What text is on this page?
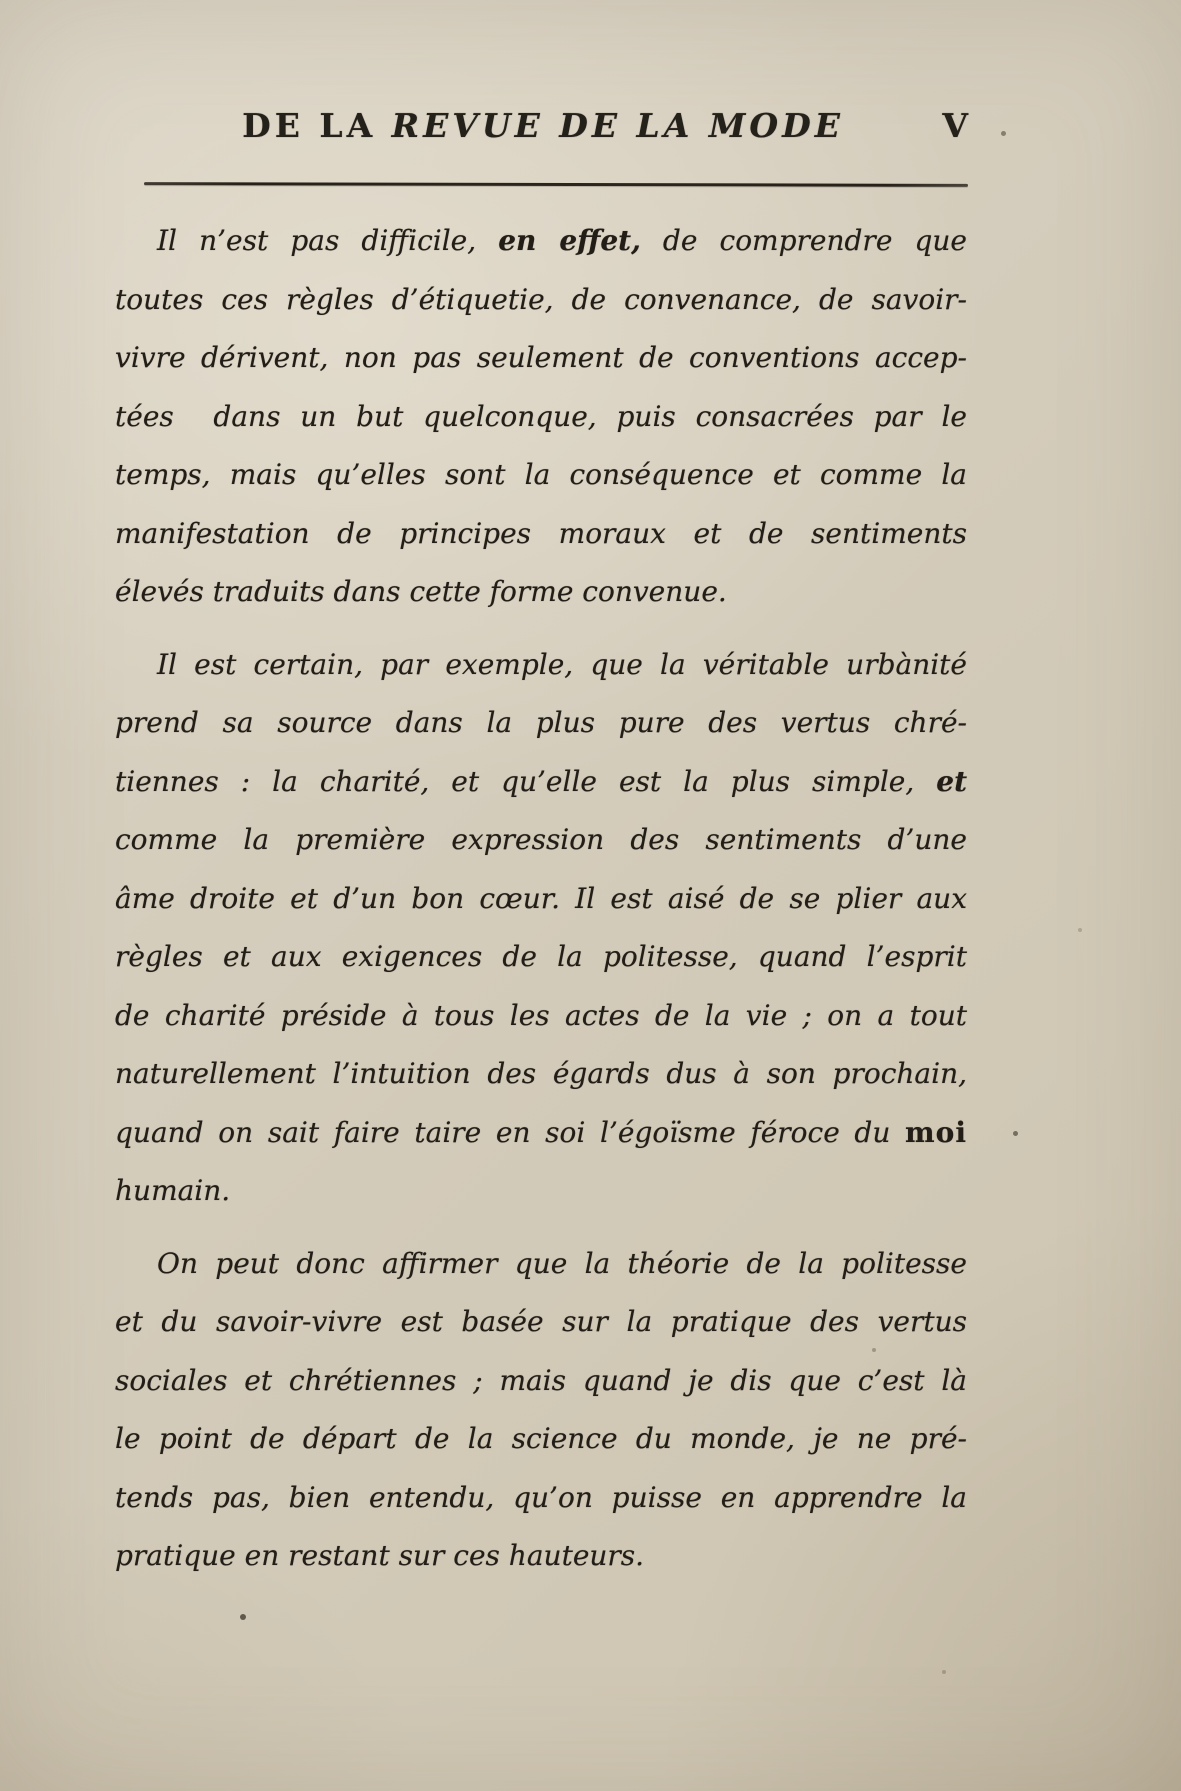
DE LA REVUE DE LA MODE	V
Il n’est pas difficile, en effet, de comprendre que
toutes ces règles d’étiquetie, de convenance, de savoir-
vivre dérivent, non pas seulement de conventions accep-
tées  dans un but quelconque, puis consacrées par le
temps, mais qu’elles sont la conséquence et comme la
manifestation de principes moraux et de sentiments
élevés traduits dans cette forme convenue.
Il est certain, par exemple, que la véritable urbànité
prend sa source dans la plus pure des vertus chré-
tiennes : la charité, et qu’elle est la plus simple, et
comme la première expression des sentiments d’une
âme droite et d’un bon cœur. Il est aisé de se plier aux
règles et aux exigences de la politesse, quand l’esprit
de charité préside à tous les actes de la vie ; on a tout
naturellement l’intuition des égards dus à son prochain,
quand on sait faire taire en soi l’égoïsme féroce du moi
humain.
On peut donc affirmer que la théorie de la politesse
et du savoir-vivre est basée sur la pratique des vertus
sociales et chrétiennes ; mais quand je dis que c’est là
le point de départ de la science du monde, je ne pré-
tends pas, bien entendu, qu’on puisse en apprendre la
pratique en restant sur ces hauteurs.
